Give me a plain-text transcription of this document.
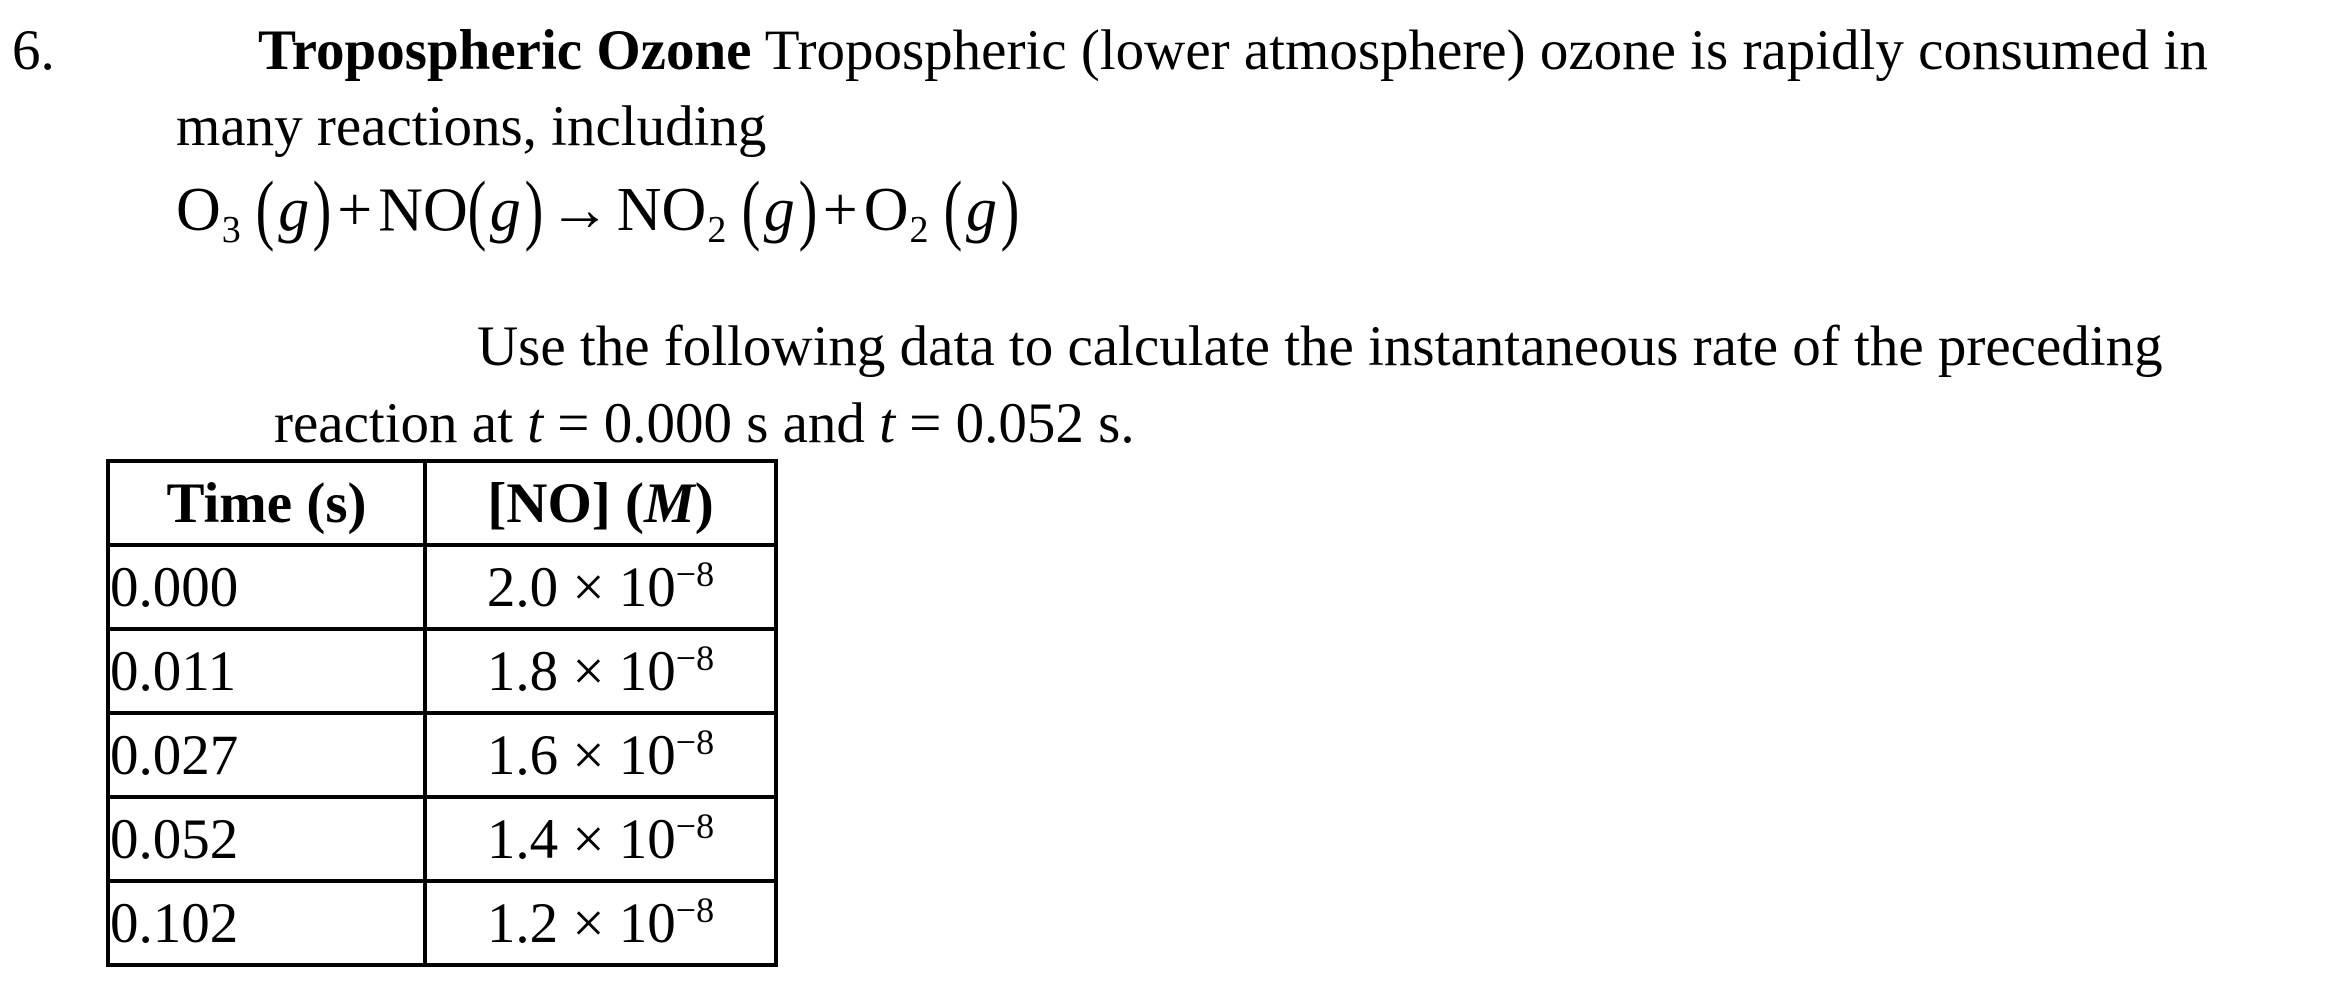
6.	Tropospheric Ozone Tropospheric (lower atmosphere) ozone is rapidly consumed in
many reactions, including
$O_3$ $(g)+NO(g)\to NO_2$ $(g)+O_2$ (g)
Use the following data to calculate the instantaneous rate of the preceding
reaction at t = 0.000 s and t = 0.052 s.
Time (s)	[NO] (M)
0.000	$2.0 \times 10^{-8}$
0.011	$1.8 \times 10^{-8}$
0.027	$1.6 \times 10^{-8}$
0.052	$1.4 \times 10^{-8}$
0.102	$1.2 \times 10^{-8}$
